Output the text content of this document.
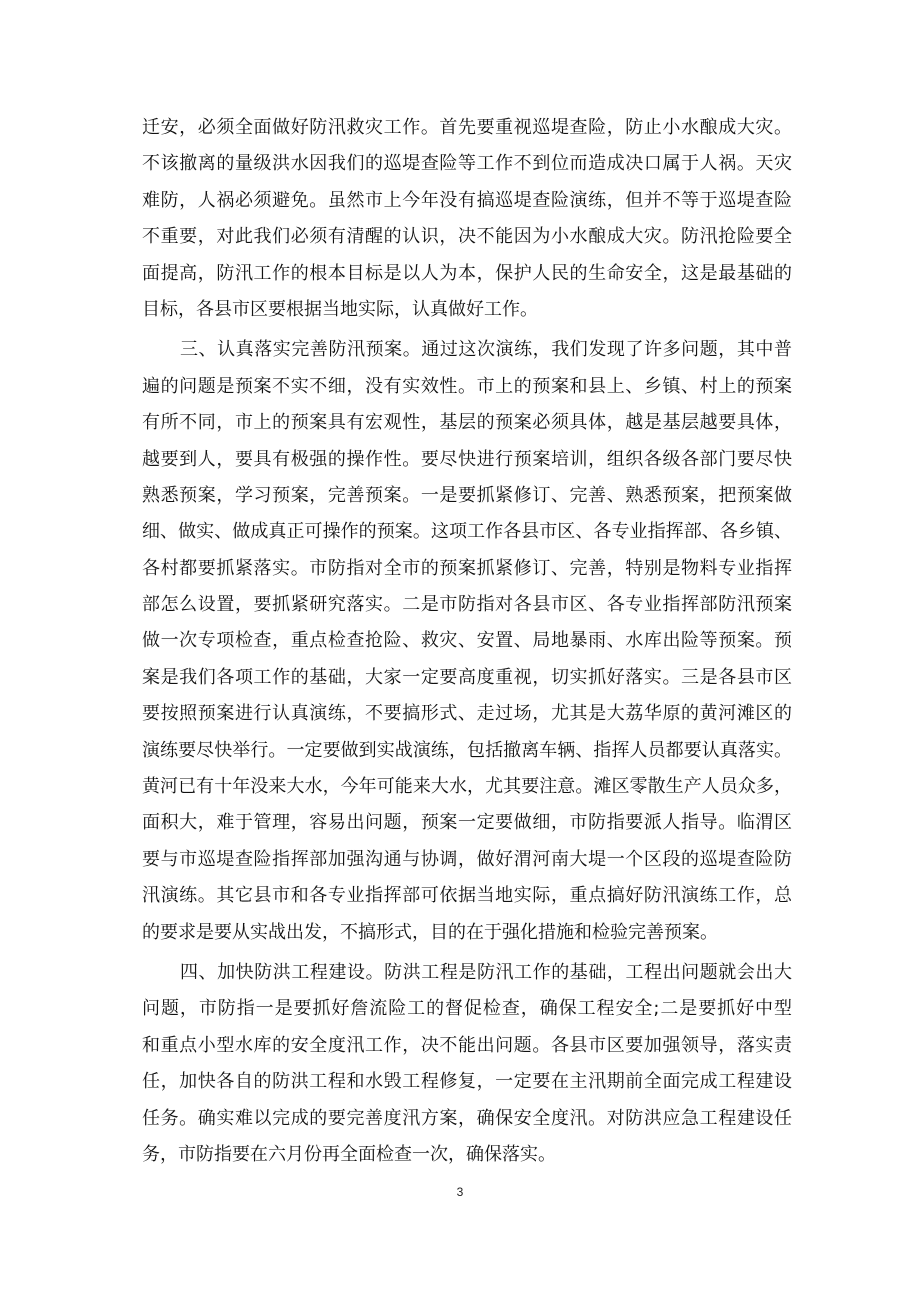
迁安，必须全面做好防汛救灾工作。首先要重视巡堤查险，防止小水酿成大灾。
不该撤离的量级洪水因我们的巡堤查险等工作不到位而造成决口属于人祸。天灾
难防，人祸必须避免。虽然市上今年没有搞巡堤查险演练，但并不等于巡堤查险
不重要，对此我们必须有清醒的认识，决不能因为小水酿成大灾。防汛抢险要全
面提高，防汛工作的根本目标是以人为本，保护人民的生命安全，这是最基础的
目标，各县市区要根据当地实际，认真做好工作。
三、认真落实完善防汛预案。通过这次演练，我们发现了许多问题，其中普
遍的问题是预案不实不细，没有实效性。市上的预案和县上、乡镇、村上的预案
有所不同，市上的预案具有宏观性，基层的预案必须具体，越是基层越要具体，
越要到人，要具有极强的操作性。要尽快进行预案培训，组织各级各部门要尽快
熟悉预案，学习预案，完善预案。一是要抓紧修订、完善、熟悉预案，把预案做
细、做实、做成真正可操作的预案。这项工作各县市区、各专业指挥部、各乡镇、
各村都要抓紧落实。市防指对全市的预案抓紧修订、完善，特别是物料专业指挥
部怎么设置，要抓紧研究落实。二是市防指对各县市区、各专业指挥部防汛预案
做一次专项检查，重点检查抢险、救灾、安置、局地暴雨、水库出险等预案。预
案是我们各项工作的基础，大家一定要高度重视，切实抓好落实。三是各县市区
要按照预案进行认真演练，不要搞形式、走过场，尤其是大荔华原的黄河滩区的
演练要尽快举行。一定要做到实战演练，包括撤离车辆、指挥人员都要认真落实。
黄河已有十年没来大水，今年可能来大水，尤其要注意。滩区零散生产人员众多，
面积大，难于管理，容易出问题，预案一定要做细，市防指要派人指导。临渭区
要与市巡堤查险指挥部加强沟通与协调，做好渭河南大堤一个区段的巡堤查险防
汛演练。其它县市和各专业指挥部可依据当地实际，重点搞好防汛演练工作，总
的要求是要从实战出发，不搞形式，目的在于强化措施和检验完善预案。
四、加快防洪工程建设。防洪工程是防汛工作的基础，工程出问题就会出大
问题，市防指一是要抓好詹流险工的督促检查，确保工程安全;二是要抓好中型
和重点小型水库的安全度汛工作，决不能出问题。各县市区要加强领导，落实责
任，加快各自的防洪工程和水毁工程修复，一定要在主汛期前全面完成工程建设
任务。确实难以完成的要完善度汛方案，确保安全度汛。对防洪应急工程建设任
务，市防指要在六月份再全面检查一次，确保落实。
3
